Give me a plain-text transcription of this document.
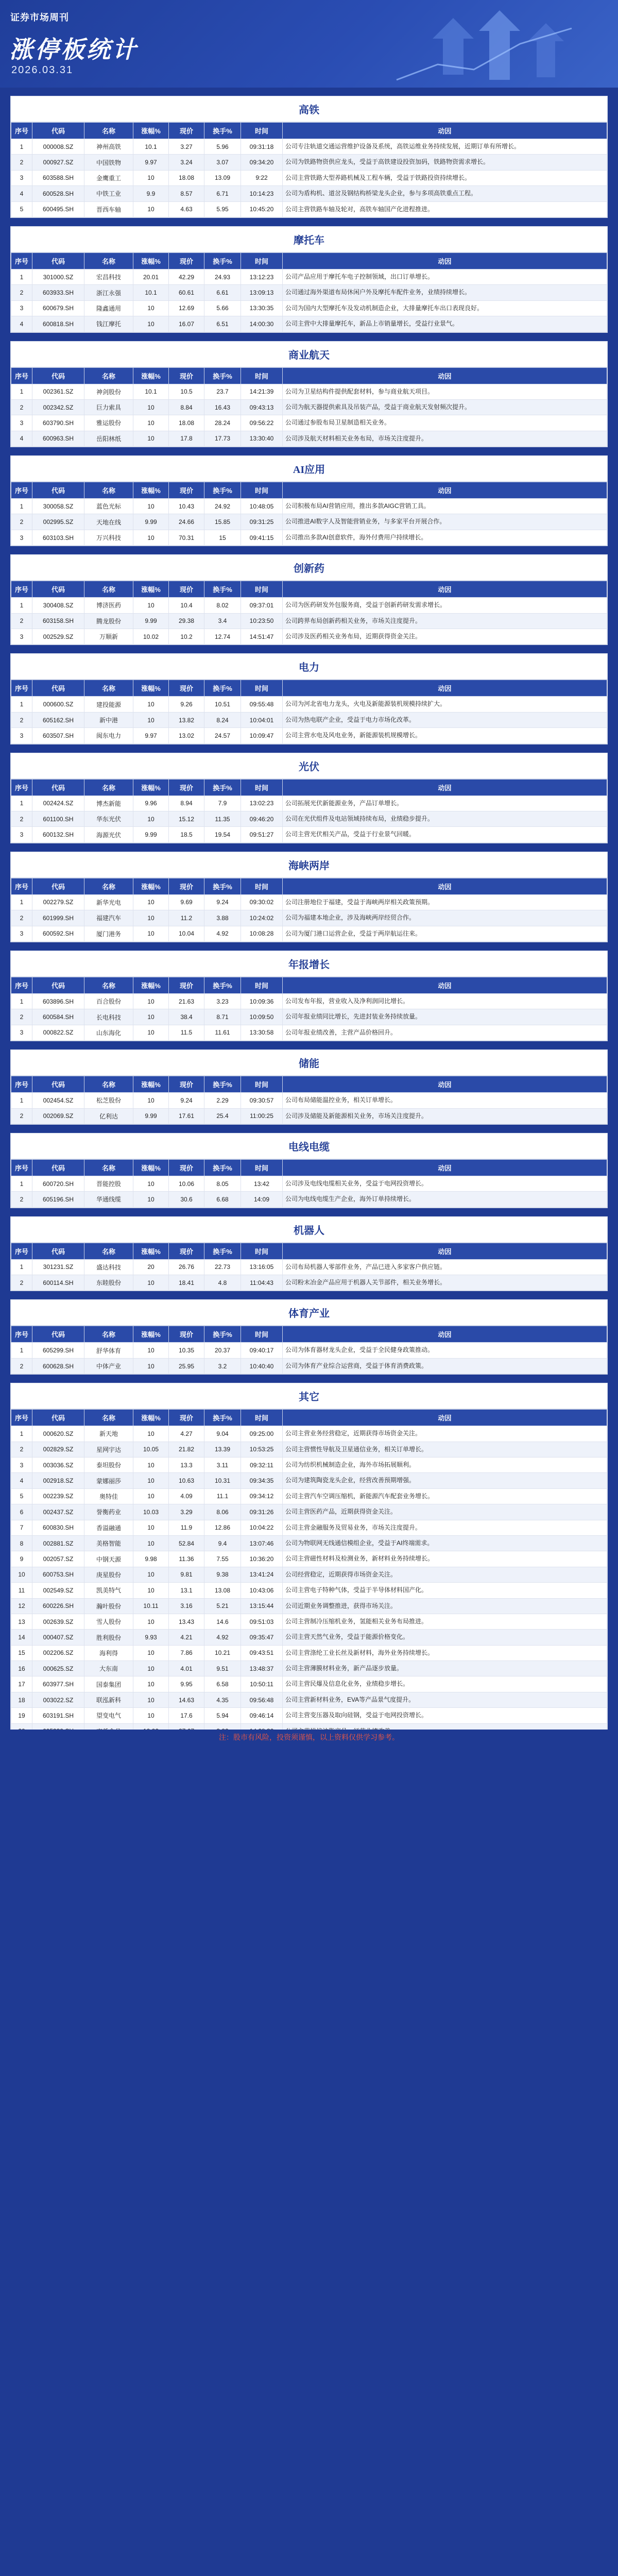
证券市场周刊
涨停板统计
2026.03.31
高铁
序号	代码	名称	涨幅%	现价	换手%	时间	动因
1	000008.SZ	神州高铁	10.1	3.27	5.96	09:31:18	公司专注轨道交通运营维护设备及系统，高铁运维业务持续发展，近期订单有所增长。
2	000927.SZ	中国铁物	9.97	3.24	3.07	09:34:20	公司为铁路物资供应龙头，受益于高铁建设投资加码，铁路物资需求增长。
3	603588.SH	金鹰重工	10	18.08	13.09	9:22	公司主营铁路大型养路机械及工程车辆，受益于铁路投资持续增长。
4	600528.SH	中铁工业	9.9	8.57	6.71	10:14:23	公司为盾构机、道岔及钢结构桥梁龙头企业，参与多项高铁重点工程。
5	600495.SH	晋西车轴	10	4.63	5.95	10:45:20	公司主营铁路车轴及轮对，高铁车轴国产化进程推进。
摩托车
序号	代码	名称	涨幅%	现价	换手%	时间	动因
1	301000.SZ	宏昌科技	20.01	42.29	24.93	13:12:23	公司产品应用于摩托车电子控制领域，出口订单增长。
2	603933.SH	浙江永强	10.1	60.61	6.61	13:09:13	公司通过海外渠道布局休闲户外及摩托车配件业务，业绩持续增长。
3	600679.SH	隆鑫通用	10	12.69	5.66	13:30:35	公司为国内大型摩托车及发动机制造企业，大排量摩托车出口表现良好。
4	600818.SH	钱江摩托	10	16.07	6.51	14:00:30	公司主营中大排量摩托车，新品上市销量增长，受益行业景气。
商业航天
序号	代码	名称	涨幅%	现价	换手%	时间	动因
1	002361.SZ	神剑股份	10.1	10.5	23.7	14:21:39	公司为卫星结构件提供配套材料，参与商业航天项目。
2	002342.SZ	巨力索具	10	8.84	16.43	09:43:13	公司为航天器提供索具及吊装产品，受益于商业航天发射频次提升。
3	603790.SH	雅运股份	10	18.08	28.24	09:56:22	公司通过参股布局卫星制造相关业务。
4	600963.SH	岳阳林纸	10	17.8	17.73	13:30:40	公司涉及航天材料相关业务布局，市场关注度提升。
AI应用
序号	代码	名称	涨幅%	现价	换手%	时间	动因
1	300058.SZ	蓝色光标	10	10.43	24.92	10:48:05	公司积极布局AI营销应用，推出多款AIGC营销工具。
2	002995.SZ	天地在线	9.99	24.66	15.85	09:31:25	公司推进AI数字人及智能营销业务，与多家平台开展合作。
3	603103.SH	万兴科技	10	70.31	15	09:41:15	公司推出多款AI创意软件，海外付费用户持续增长。
创新药
序号	代码	名称	涨幅%	现价	换手%	时间	动因
1	300408.SZ	博济医药	10	10.4	8.02	09:37:01	公司为医药研发外包服务商，受益于创新药研发需求增长。
2	603158.SH	腾龙股份	9.99	29.38	3.4	10:23:50	公司跨界布局创新药相关业务，市场关注度提升。
3	002529.SZ	万顺新	10.02	10.2	12.74	14:51:47	公司涉及医药相关业务布局，近期获得资金关注。
电力
序号	代码	名称	涨幅%	现价	换手%	时间	动因
1	000600.SZ	建投能源	10	9.26	10.51	09:55:48	公司为河北省电力龙头，火电及新能源装机规模持续扩大。
2	605162.SH	新中港	10	13.82	8.24	10:04:01	公司为热电联产企业，受益于电力市场化改革。
3	603507.SH	闽东电力	9.97	13.02	24.57	10:09:47	公司主营水电及风电业务，新能源装机规模增长。
光伏
序号	代码	名称	涨幅%	现价	换手%	时间	动因
1	002424.SZ	博杰新能	9.96	8.94	7.9	13:02:23	公司拓展光伏新能源业务，产品订单增长。
2	601100.SH	华东光伏	10	15.12	11.35	09:46:20	公司在光伏组件及电站领域持续布局，业绩稳步提升。
3	600132.SH	海源光伏	9.99	18.5	19.54	09:51:27	公司主营光伏相关产品，受益于行业景气回暖。
海峡两岸
序号	代码	名称	涨幅%	现价	换手%	时间	动因
1	002279.SZ	新华光电	10	9.69	9.24	09:30:02	公司注册地位于福建，受益于海峡两岸相关政策预期。
2	601999.SH	福建汽车	10	11.2	3.88	10:24:02	公司为福建本地企业，涉及海峡两岸经贸合作。
3	600592.SH	厦门港务	10	10.04	4.92	10:08:28	公司为厦门港口运营企业，受益于两岸航运往来。
年报增长
序号	代码	名称	涨幅%	现价	换手%	时间	动因
1	603896.SH	百合股份	10	21.63	3.23	10:09:36	公司发布年报，营业收入及净利润同比增长。
2	600584.SH	长电科技	10	38.4	8.71	10:09:50	公司年报业绩同比增长，先进封装业务持续放量。
3	000822.SZ	山东海化	10	11.5	11.61	13:30:58	公司年报业绩改善，主营产品价格回升。
储能
序号	代码	名称	涨幅%	现价	换手%	时间	动因
1	002454.SZ	松芝股份	10	9.24	2.29	09:30:57	公司布局储能温控业务，相关订单增长。
2	002069.SZ	亿利达	9.99	17.61	25.4	11:00:25	公司涉及储能及新能源相关业务，市场关注度提升。
电线电缆
序号	代码	名称	涨幅%	现价	换手%	时间	动因
1	600720.SH	晋能控股	10	10.06	8.05	13:42	公司涉及电线电缆相关业务，受益于电网投资增长。
2	605196.SH	华通线缆	10	30.6	6.68	14:09	公司为电线电缆生产企业，海外订单持续增长。
机器人
序号	代码	名称	涨幅%	现价	换手%	时间	动因
1	301231.SZ	盛达科技	20	26.76	22.73	13:16:05	公司布局机器人零部件业务，产品已进入多家客户供应链。
2	600114.SH	东睦股份	10	18.41	4.8	11:04:43	公司粉末冶金产品应用于机器人关节部件，相关业务增长。
体育产业
序号	代码	名称	涨幅%	现价	换手%	时间	动因
1	605299.SH	舒华体育	10	10.35	20.37	09:40:17	公司为体育器材龙头企业，受益于全民健身政策推动。
2	600628.SH	中体产业	10	25.95	3.2	10:40:40	公司为体育产业综合运营商，受益于体育消费政策。
其它
序号	代码	名称	涨幅%	现价	换手%	时间	动因
1	000620.SZ	新天地	10	4.27	9.04	09:25:00	公司主营业务经营稳定，近期获得市场资金关注。
2	002829.SZ	星网宇达	10.05	21.82	13.39	10:53:25	公司主营惯性导航及卫星通信业务，相关订单增长。
3	003036.SZ	泰坦股份	10	13.3	3.11	09:32:11	公司为纺织机械制造企业，海外市场拓展顺利。
4	002918.SZ	蒙娜丽莎	10	10.63	10.31	09:34:35	公司为建筑陶瓷龙头企业，经营改善预期增强。
5	002239.SZ	奥特佳	10	4.09	11.1	09:34:12	公司主营汽车空调压缩机，新能源汽车配套业务增长。
6	002437.SZ	誉衡药业	10.03	3.29	8.06	09:31:26	公司主营医药产品，近期获得资金关注。
7	600830.SH	香溢融通	10	11.9	12.86	10:04:22	公司主营金融服务及贸易业务，市场关注度提升。
8	002881.SZ	美格智能	10	52.84	9.4	13:07:46	公司为物联网无线通信模组企业，受益于AI终端需求。
9	002057.SZ	中钢天源	9.98	11.36	7.55	10:36:20	公司主营磁性材料及检测业务，新材料业务持续增长。
10	600753.SH	庚星股份	10	9.81	9.38	13:41:24	公司经营稳定，近期获得市场资金关注。
11	002549.SZ	凯美特气	10	13.1	13.08	10:43:06	公司主营电子特种气体，受益于半导体材料国产化。
12	600226.SH	瀚叶股份	10.11	3.16	5.21	13:15:44	公司近期业务调整推进，获得市场关注。
13	002639.SZ	雪人股份	10	13.43	14.6	09:51:03	公司主营制冷压缩机业务，氢能相关业务布局推进。
14	000407.SZ	胜利股份	9.93	4.21	4.92	09:35:47	公司主营天然气业务，受益于能源价格变化。
15	002206.SZ	海利得	10	7.86	10.21	09:43:51	公司主营涤纶工业长丝及新材料，海外业务持续增长。
16	000625.SZ	大东南	10	4.01	9.51	13:48:37	公司主营薄膜材料业务，新产品逐步放量。
17	603977.SH	国泰集团	10	9.95	6.58	10:50:11	公司主营民爆及信息化业务，业绩稳步增长。
18	003022.SZ	联泓新科	10	14.63	4.35	09:56:48	公司主营新材料业务，EVA等产品景气度提升。
19	603191.SH	望变电气	10	17.6	5.94	09:46:14	公司主营变压器及取向硅钢，受益于电网投资增长。

注：股市有风险，投资须谨慎，以上资料仅供学习参考。
